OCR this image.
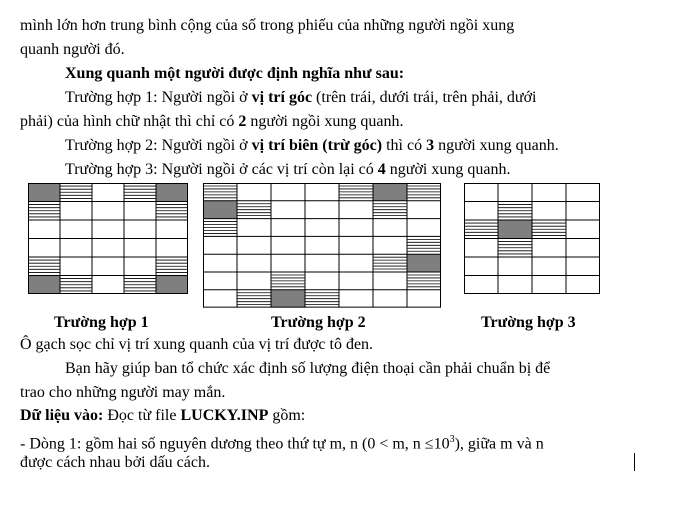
mình lớn hơn trung bình cộng của số trong phiếu của những người ngồi xung
quanh người đó.
Xung quanh một người được định nghĩa như sau:
Trường hợp 1: Người ngồi ở vị trí góc (trên trái, dưới trái, trên phải, dưới
phải) của hình chữ nhật thì chỉ có 2 người ngồi xung quanh.
Trường hợp 2: Người ngồi ở vị trí biên (trừ góc) thì có 3 người xung quanh.
Trường hợp 3: Người ngồi ở các vị trí còn lại có 4 người xung quanh.
Trường hợp 1	Trường hợp 2	Trường hợp 3
Ô gạch sọc chỉ vị trí xung quanh của vị trí được tô đen.
Bạn hãy giúp ban tổ chức xác định số lượng điện thoại cần phải chuẩn bị để
trao cho những người may mắn.
Dữ liệu vào: Đọc từ file LUCKY.INP gồm:
- Dòng 1: gồm hai số nguyên dương theo thứ tự m, n (0 < m, $n \le 10^3$), giữa m và n
được cách nhau bởi dấu cách.
